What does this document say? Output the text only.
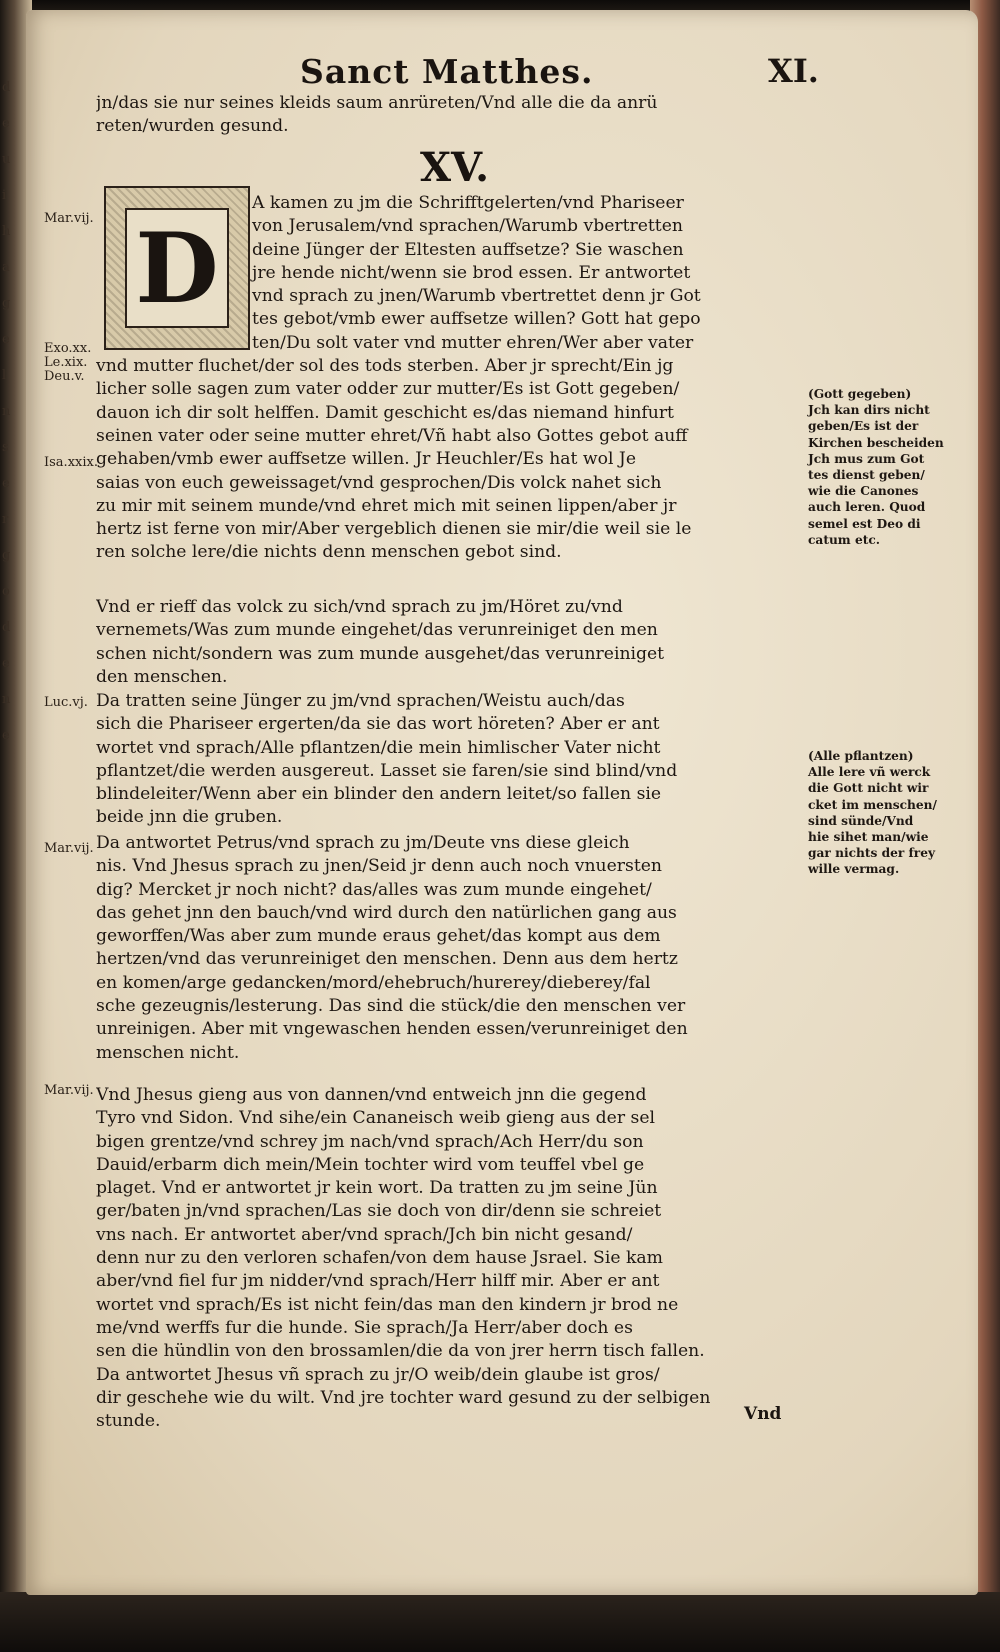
d
e
u
i
h
a
g
e
l
n
s
e
r
g
o
d
e
n
e
Sanct Matthes.	XI.
jn/das sie nur seines kleids saum anrüreten/Vnd alle die da anrü
reten/wurden gesund.
XV.
D
A kamen zu jm die Schrifftgelerten/vnd Phariseer
von Jerusalem/vnd sprachen/Warumb vbertretten
deine Jünger der Eltesten auffsetze? Sie waschen
jre hende nicht/wenn sie brod essen. Er antwortet
vnd sprach zu jnen/Warumb vbertrettet denn jr Got
tes gebot/vmb ewer auffsetze willen? Gott hat gepo
ten/Du solt vater vnd mutter ehren/Wer aber vater
vnd mutter fluchet/der sol des tods sterben. Aber jr sprecht/Ein jg
licher solle sagen zum vater odder zur mutter/Es ist Gott gegeben/
dauon ich dir solt helffen. Damit geschicht es/das niemand hinfurt
seinen vater oder seine mutter ehret/Vñ habt also Gottes gebot auff
gehaben/vmb ewer auffsetze willen. Jr Heuchler/Es hat wol Je
saias von euch geweissaget/vnd gesprochen/Dis volck nahet sich
zu mir mit seinem munde/vnd ehret mich mit seinen lippen/aber jr
hertz ist ferne von mir/Aber vergeblich dienen sie mir/die weil sie le
ren solche lere/die nichts denn menschen gebot sind.
Vnd er rieff das volck zu sich/vnd sprach zu jm/Höret zu/vnd
vernemets/Was zum munde eingehet/das verunreiniget den men
schen nicht/sondern was zum munde ausgehet/das verunreiniget
den menschen.
Da tratten seine Jünger zu jm/vnd sprachen/Weistu auch/das
sich die Phariseer ergerten/da sie das wort höreten? Aber er ant
wortet vnd sprach/Alle pflantzen/die mein himlischer Vater nicht
pflantzet/die werden ausgereut. Lasset sie faren/sie sind blind/vnd
blindeleiter/Wenn aber ein blinder den andern leitet/so fallen sie
beide jnn die gruben.
Da antwortet Petrus/vnd sprach zu jm/Deute vns diese gleich
nis. Vnd Jhesus sprach zu jnen/Seid jr denn auch noch vnuersten
dig? Mercket jr noch nicht? das/alles was zum munde eingehet/
das gehet jnn den bauch/vnd wird durch den natürlichen gang aus
geworffen/Was aber zum munde eraus gehet/das kompt aus dem
hertzen/vnd das verunreiniget den menschen. Denn aus dem hertz
en komen/arge gedancken/mord/ehebruch/hurerey/dieberey/fal
sche gezeugnis/lesterung. Das sind die stück/die den menschen ver
unreinigen. Aber mit vngewaschen henden essen/verunreiniget den
menschen nicht.
Vnd Jhesus gieng aus von dannen/vnd entweich jnn die gegend
Tyro vnd Sidon. Vnd sihe/ein Cananeisch weib gieng aus der sel
bigen grentze/vnd schrey jm nach/vnd sprach/Ach Herr/du son
Dauid/erbarm dich mein/Mein tochter wird vom teuffel vbel ge
plaget. Vnd er antwortet jr kein wort. Da tratten zu jm seine Jün
ger/baten jn/vnd sprachen/Las sie doch von dir/denn sie schreiet
vns nach. Er antwortet aber/vnd sprach/Jch bin nicht gesand/
denn nur zu den verloren schafen/von dem hause Jsrael. Sie kam
aber/vnd fiel fur jm nidder/vnd sprach/Herr hilff mir. Aber er ant
wortet vnd sprach/Es ist nicht fein/das man den kindern jr brod ne
me/vnd werffs fur die hunde. Sie sprach/Ja Herr/aber doch es
sen die hündlin von den brossamlen/die da von jrer herrn tisch fallen.
Da antwortet Jhesus vñ sprach zu jr/O weib/dein glaube ist gros/
dir geschehe wie du wilt. Vnd jre tochter ward gesund zu der selbigen
stunde.
Mar.vij.
Exo.xx.
Le.xix.
Deu.v.
Isa.xxix.
Luc.vj.
Mar.vij.
Mar.vij.
(Gott gegeben)
Jch kan dirs nicht
geben/Es ist der
Kirchen bescheiden
Jch mus zum Got
tes dienst geben/
wie die Canones
auch leren. Quod
semel est Deo di
catum etc.
(Alle pflantzen)
Alle lere vñ werck
die Gott nicht wir
cket im menschen/
sind sünde/Vnd
hie sihet man/wie
gar nichts der frey
wille vermag.
Vnd
